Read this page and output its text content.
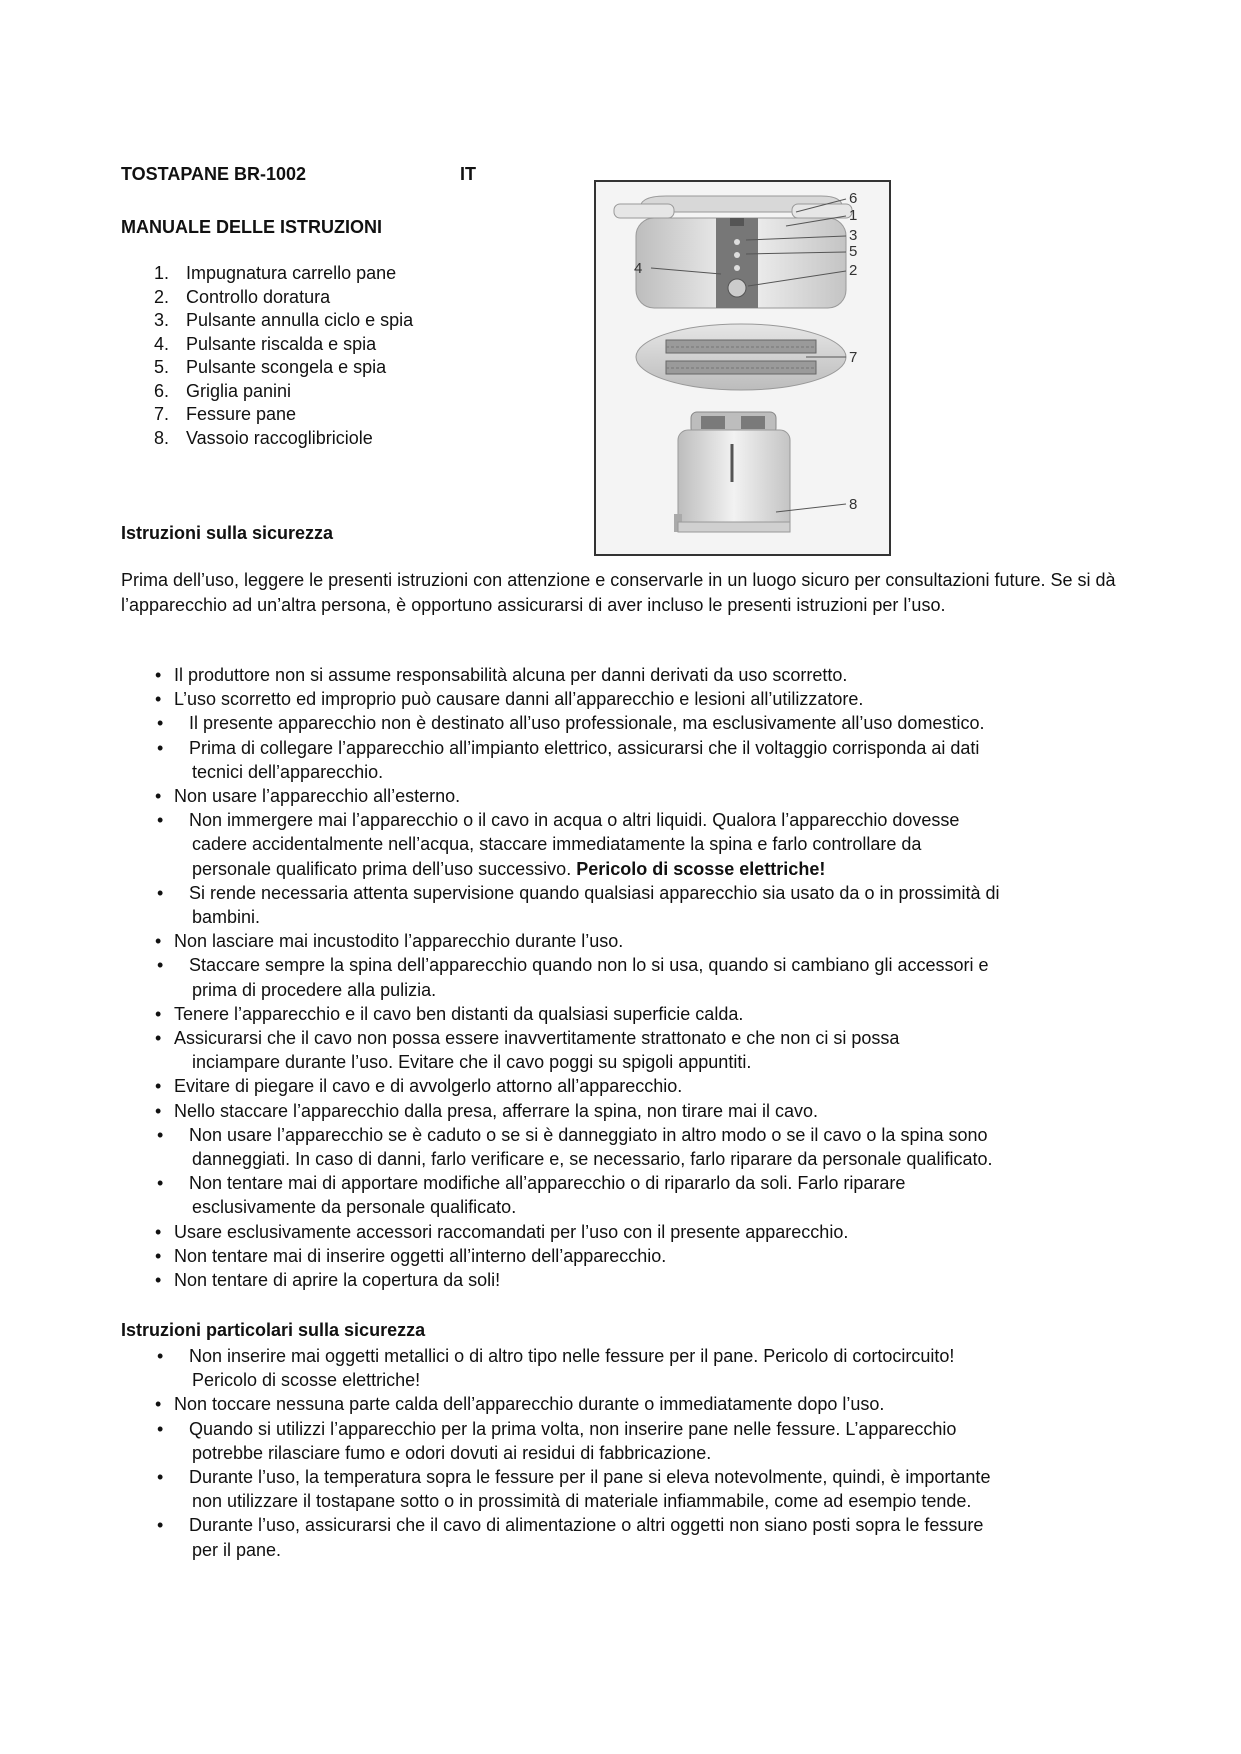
TOSTAPANE BR-1002	IT
MANUALE DELLE ISTRUZIONI
1. Impugnatura carrello pane
2. Controllo doratura
3. Pulsante annulla ciclo e spia
4. Pulsante riscalda e spia
5. Pulsante scongela e spia
6. Griglia panini
7. Fessure pane
8. Vassoio raccoglibriciole
6
1
3
5
2
4
7
8
Istruzioni sulla sicurezza

Prima dell’uso, leggere le presenti istruzioni con attenzione e conservarle in un luogo sicuro per consultazioni future. Se si dà l’apparecchio ad un’altra persona, è opportuno assicurarsi di aver incluso le presenti istruzioni per l’uso.

• Il produttore non si assume responsabilità alcuna per danni derivati da uso scorretto.
• L’uso scorretto ed improprio può causare danni all’apparecchio e lesioni all’utilizzatore.
• Il presente apparecchio non è destinato all’uso professionale, ma esclusivamente all’uso domestico.
• Prima di collegare l’apparecchio all’impianto elettrico, assicurarsi che il voltaggio corrisponda ai dati
tecnici dell’apparecchio.
• Non usare l’apparecchio all’esterno.
• Non immergere mai l’apparecchio o il cavo in acqua o altri liquidi. Qualora l’apparecchio dovesse
cadere accidentalmente nell’acqua, staccare immediatamente la spina e farlo controllare da
personale qualificato prima dell’uso successivo. Pericolo di scosse elettriche!
• Si rende necessaria attenta supervisione quando qualsiasi apparecchio sia usato da o in prossimità di
bambini.
• Non lasciare mai incustodito l’apparecchio durante l’uso.
• Staccare sempre la spina dell’apparecchio quando non lo si usa, quando si cambiano gli accessori e
prima di procedere alla pulizia.
• Tenere l’apparecchio e il cavo ben distanti da qualsiasi superficie calda.
• Assicurarsi che il cavo non possa essere inavvertitamente strattonato e che non ci si possa
inciampare durante l’uso. Evitare che il cavo poggi su spigoli appuntiti.
• Evitare di piegare il cavo e di avvolgerlo attorno all’apparecchio.
• Nello staccare l’apparecchio dalla presa, afferrare la spina, non tirare mai il cavo.
• Non usare l’apparecchio se è caduto o se si è danneggiato in altro modo o se il cavo o la spina sono
danneggiati. In caso di danni, farlo verificare e, se necessario, farlo riparare da personale qualificato.
• Non tentare mai di apportare modifiche all’apparecchio o di ripararlo da soli. Farlo riparare
esclusivamente da personale qualificato.
• Usare esclusivamente accessori raccomandati per l’uso con il presente apparecchio.
• Non tentare mai di inserire oggetti all’interno dell’apparecchio.
• Non tentare di aprire la copertura da soli!
Istruzioni particolari sulla sicurezza
• Non inserire mai oggetti metallici o di altro tipo nelle fessure per il pane. Pericolo di cortocircuito!
Pericolo di scosse elettriche!
• Non toccare nessuna parte calda dell’apparecchio durante o immediatamente dopo l’uso.
• Quando si utilizzi l’apparecchio per la prima volta, non inserire pane nelle fessure. L’apparecchio
potrebbe rilasciare fumo e odori dovuti ai residui di fabbricazione.
• Durante l’uso, la temperatura sopra le fessure per il pane si eleva notevolmente, quindi, è importante
non utilizzare il tostapane sotto o in prossimità di materiale infiammabile, come ad esempio tende.
• Durante l’uso, assicurarsi che il cavo di alimentazione o altri oggetti non siano posti sopra le fessure
per il pane.
